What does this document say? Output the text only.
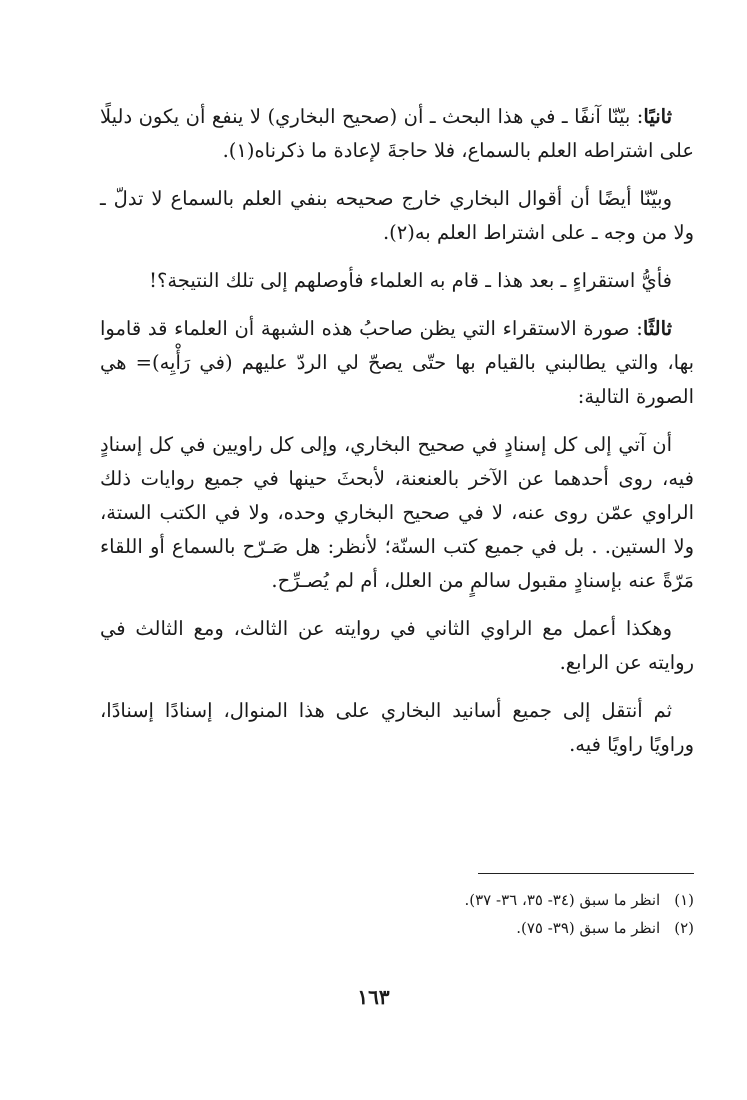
ثانيًا: بيّنّا آنفًا ـ في هذا البحث ـ أن (صحيح البخاري) لا ينفع أن يكون دليلًا على اشتراطه العلم بالسماع، فلا حاجةَ لإعادة ما ذكرناه(١).

وبيّنّا أيضًا أن أقوال البخاري خارج صحيحه بنفي العلم بالسماع لا تدلّ ـ ولا من وجه ـ على اشتراط العلم به(٢).

فأيُّ استقراءٍ ـ بعد هذا ـ قام به العلماء فأوصلهم إلى تلك النتيجة؟!

ثالثًا: صورة الاستقراء التي يظن صاحبُ هذه الشبهة أن العلماء قد قاموا بها، والتي يطالبني بالقيام بها حتّى يصحّ لي الردّ عليهم (في رَأْيِه)= هي الصورة التالية:

أن آتي إلى كل إسنادٍ في صحيح البخاري، وإلى كل راويين في كل إسنادٍ فيه، روى أحدهما عن الآخر بالعنعنة، لأبحثَ حينها في جميع روايات ذلك الراوي عمّن روى عنه، لا في صحيح البخاري وحده، ولا في الكتب الستة، ولا الستين. . بل في جميع كتب السنّة؛ لأنظر: هل صَـرّح بالسماع أو اللقاء مَرّةً عنه بإسنادٍ مقبول سالمٍ من العلل، أم لم يُصـرِّح.

وهكذا أعمل مع الراوي الثاني في روايته عن الثالث، ومع الثالث في روايته عن الرابع.

ثم أنتقل إلى جميع أسانيد البخاري على هذا المنوال، إسنادًا إسنادًا، وراويًا راويًا فيه.

(١)انظر ما سبق (٣٤- ٣٥، ٣٦- ٣٧).

(٢)انظر ما سبق (٣٩- ٧٥).

١٦٣
